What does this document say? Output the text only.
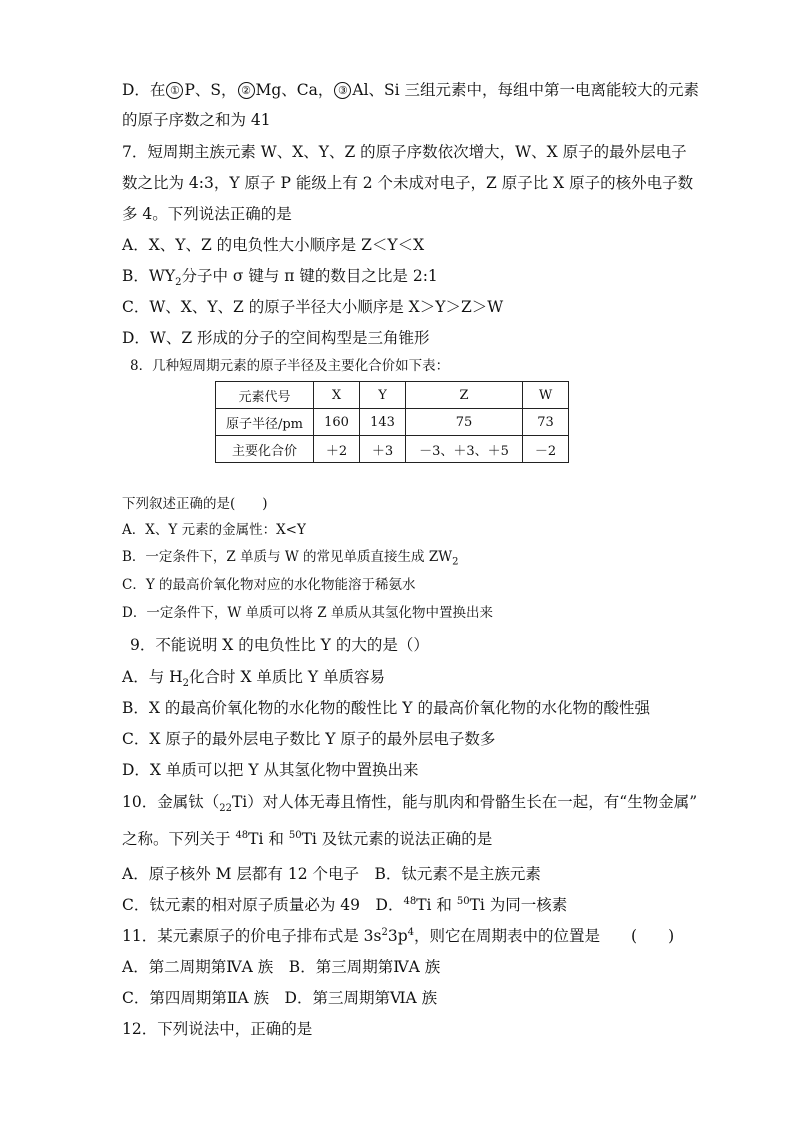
D．在 ① P、S， ② Mg、Ca， ③ Al、Si 三组元素中，每组中第一电离能较大的元素
的原子序数之和为 41
7．短周期主族元素 W、X、Y、Z 的原子序数依次增大，W、X 原子的最外层电子
数之比为 4:3，Y 原子 P 能级上有 2 个未成对电子，Z 原子比 X 原子的核外电子数
多 4。下列说法正确的是
A．X、Y、Z 的电负性大小顺序是 Z＜Y＜X
B．$WY_2$分子中 σ 键与 π 键的数目之比是 2:1
C．W、X、Y、Z 的原子半径大小顺序是 X＞Y＞Z＞W
D．W、Z 形成的分子的空间构型是三角锥形
8．几种短周期元素的原子半径及主要化合价如下表：
元素代号	X	Y	Z	W
原子半径/pm	160	143	75	73
主要化合价	＋2	＋3	－3、＋3、＋5	－2
下列叙述正确的是(　　)
A．X、Y 元素的金属性：X<Y
B．一定条件下，Z 单质与 W 的常见单质直接生成 $ZW_2$
C．Y 的最高价氧化物对应的水化物能溶于稀氨水
D．一定条件下，W 单质可以将 Z 单质从其氢化物中置换出来
9．不能说明 X 的电负性比 Y 的大的是（）
A．与 $H_2$化合时 X 单质比 Y 单质容易
B．X 的最高价氧化物的水化物的酸性比 Y 的最高价氧化物的水化物的酸性强
C．X 原子的最外层电子数比 Y 原子的最外层电子数多
D．X 单质可以把 Y 从其氢化物中置换出来
10．金属钛$(_{22}Ti)$对人体无毒且惰性，能与肌肉和骨骼生长在一起，有“生物金属”
之称。下列关于 $^{48}$Ti 和 $^{50}$Ti 及钛元素的说法正确的是
A．原子核外 M 层都有 12 个电子　B．钛元素不是主族元素
C．钛元素的相对原子质量必为 49　D．$^{48}$Ti 和 $^{50}$Ti 为同一核素
11．某元素原子的价电子排布式是 $3s^23p^4$，则它在周期表中的位置是　　(　　)
A．第二周期第ⅣA 族　B．第三周期第ⅣA 族
C．第四周期第ⅡA 族　D．第三周期第ⅥA 族
12．下列说法中，正确的是
